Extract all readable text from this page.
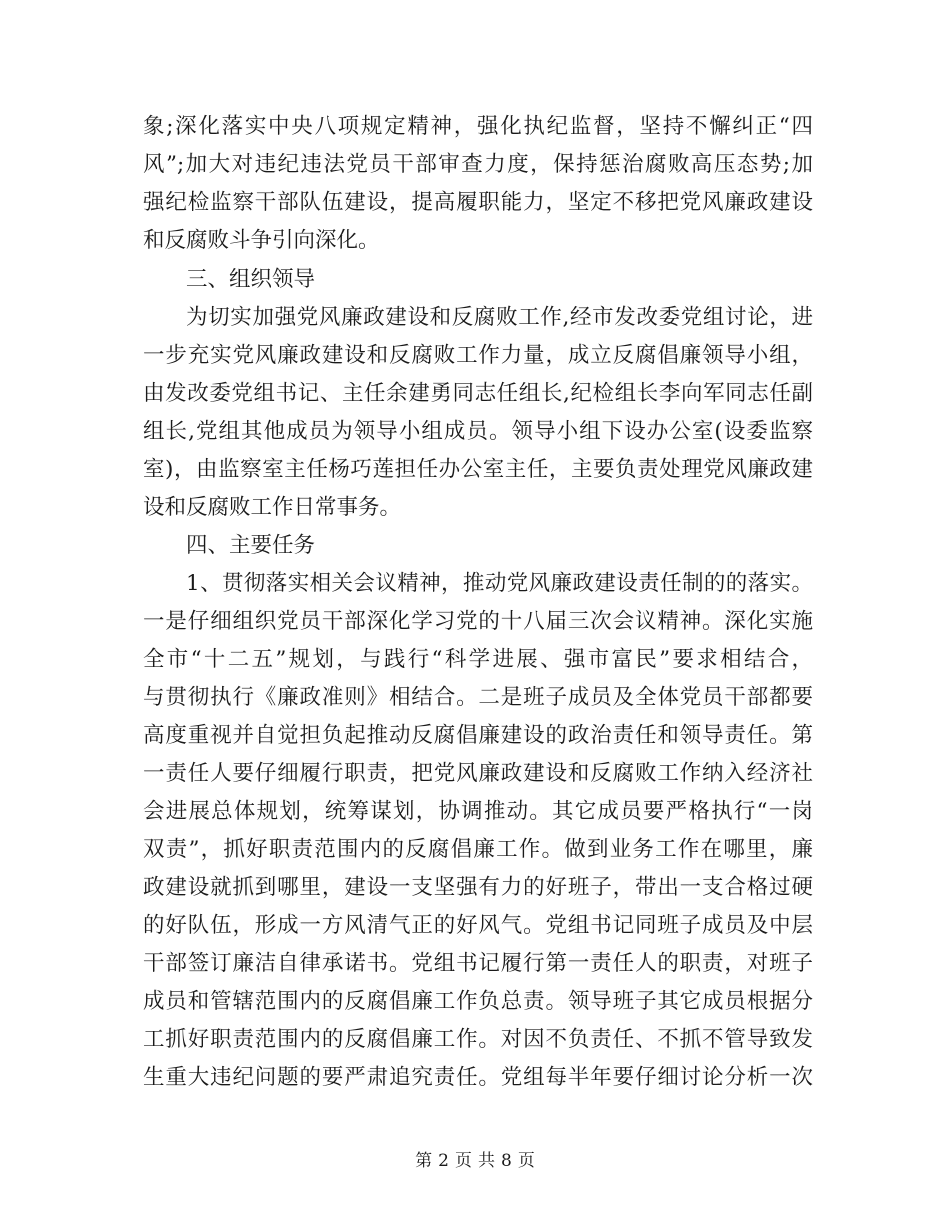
象;深化落实中央八项规定精神，强化执纪监督，坚持不懈纠正“四
风”;加大对违纪违法党员干部审查力度，保持惩治腐败高压态势;加
强纪检监察干部队伍建设，提高履职能力，坚定不移把党风廉政建设
和反腐败斗争引向深化。
三、组织领导
为切实加强党风廉政建设和反腐败工作,经市发改委党组讨论，进
一步充实党风廉政建设和反腐败工作力量，成立反腐倡廉领导小组，
由发改委党组书记、主任余建勇同志任组长,纪检组长李向军同志任副
组长,党组其他成员为领导小组成员。领导小组下设办公室(设委监察
室)，由监察室主任杨巧莲担任办公室主任，主要负责处理党风廉政建
设和反腐败工作日常事务。
四、主要任务
1、贯彻落实相关会议精神，推动党风廉政建设责任制的的落实。
一是仔细组织党员干部深化学习党的十八届三次会议精神。深化实施
全市“十二五”规划，与践行“科学进展、强市富民”要求相结合，
与贯彻执行《廉政准则》相结合。二是班子成员及全体党员干部都要
高度重视并自觉担负起推动反腐倡廉建设的政治责任和领导责任。第
一责任人要仔细履行职责，把党风廉政建设和反腐败工作纳入经济社
会进展总体规划，统筹谋划，协调推动。其它成员要严格执行“一岗
双责”，抓好职责范围内的反腐倡廉工作。做到业务工作在哪里，廉
政建设就抓到哪里，建设一支坚强有力的好班子，带出一支合格过硬
的好队伍，形成一方风清气正的好风气。党组书记同班子成员及中层
干部签订廉洁自律承诺书。党组书记履行第一责任人的职责，对班子
成员和管辖范围内的反腐倡廉工作负总责。领导班子其它成员根据分
工抓好职责范围内的反腐倡廉工作。对因不负责任、不抓不管导致发
生重大违纪问题的要严肃追究责任。党组每半年要仔细讨论分析一次
第 2 页 共 8 页
